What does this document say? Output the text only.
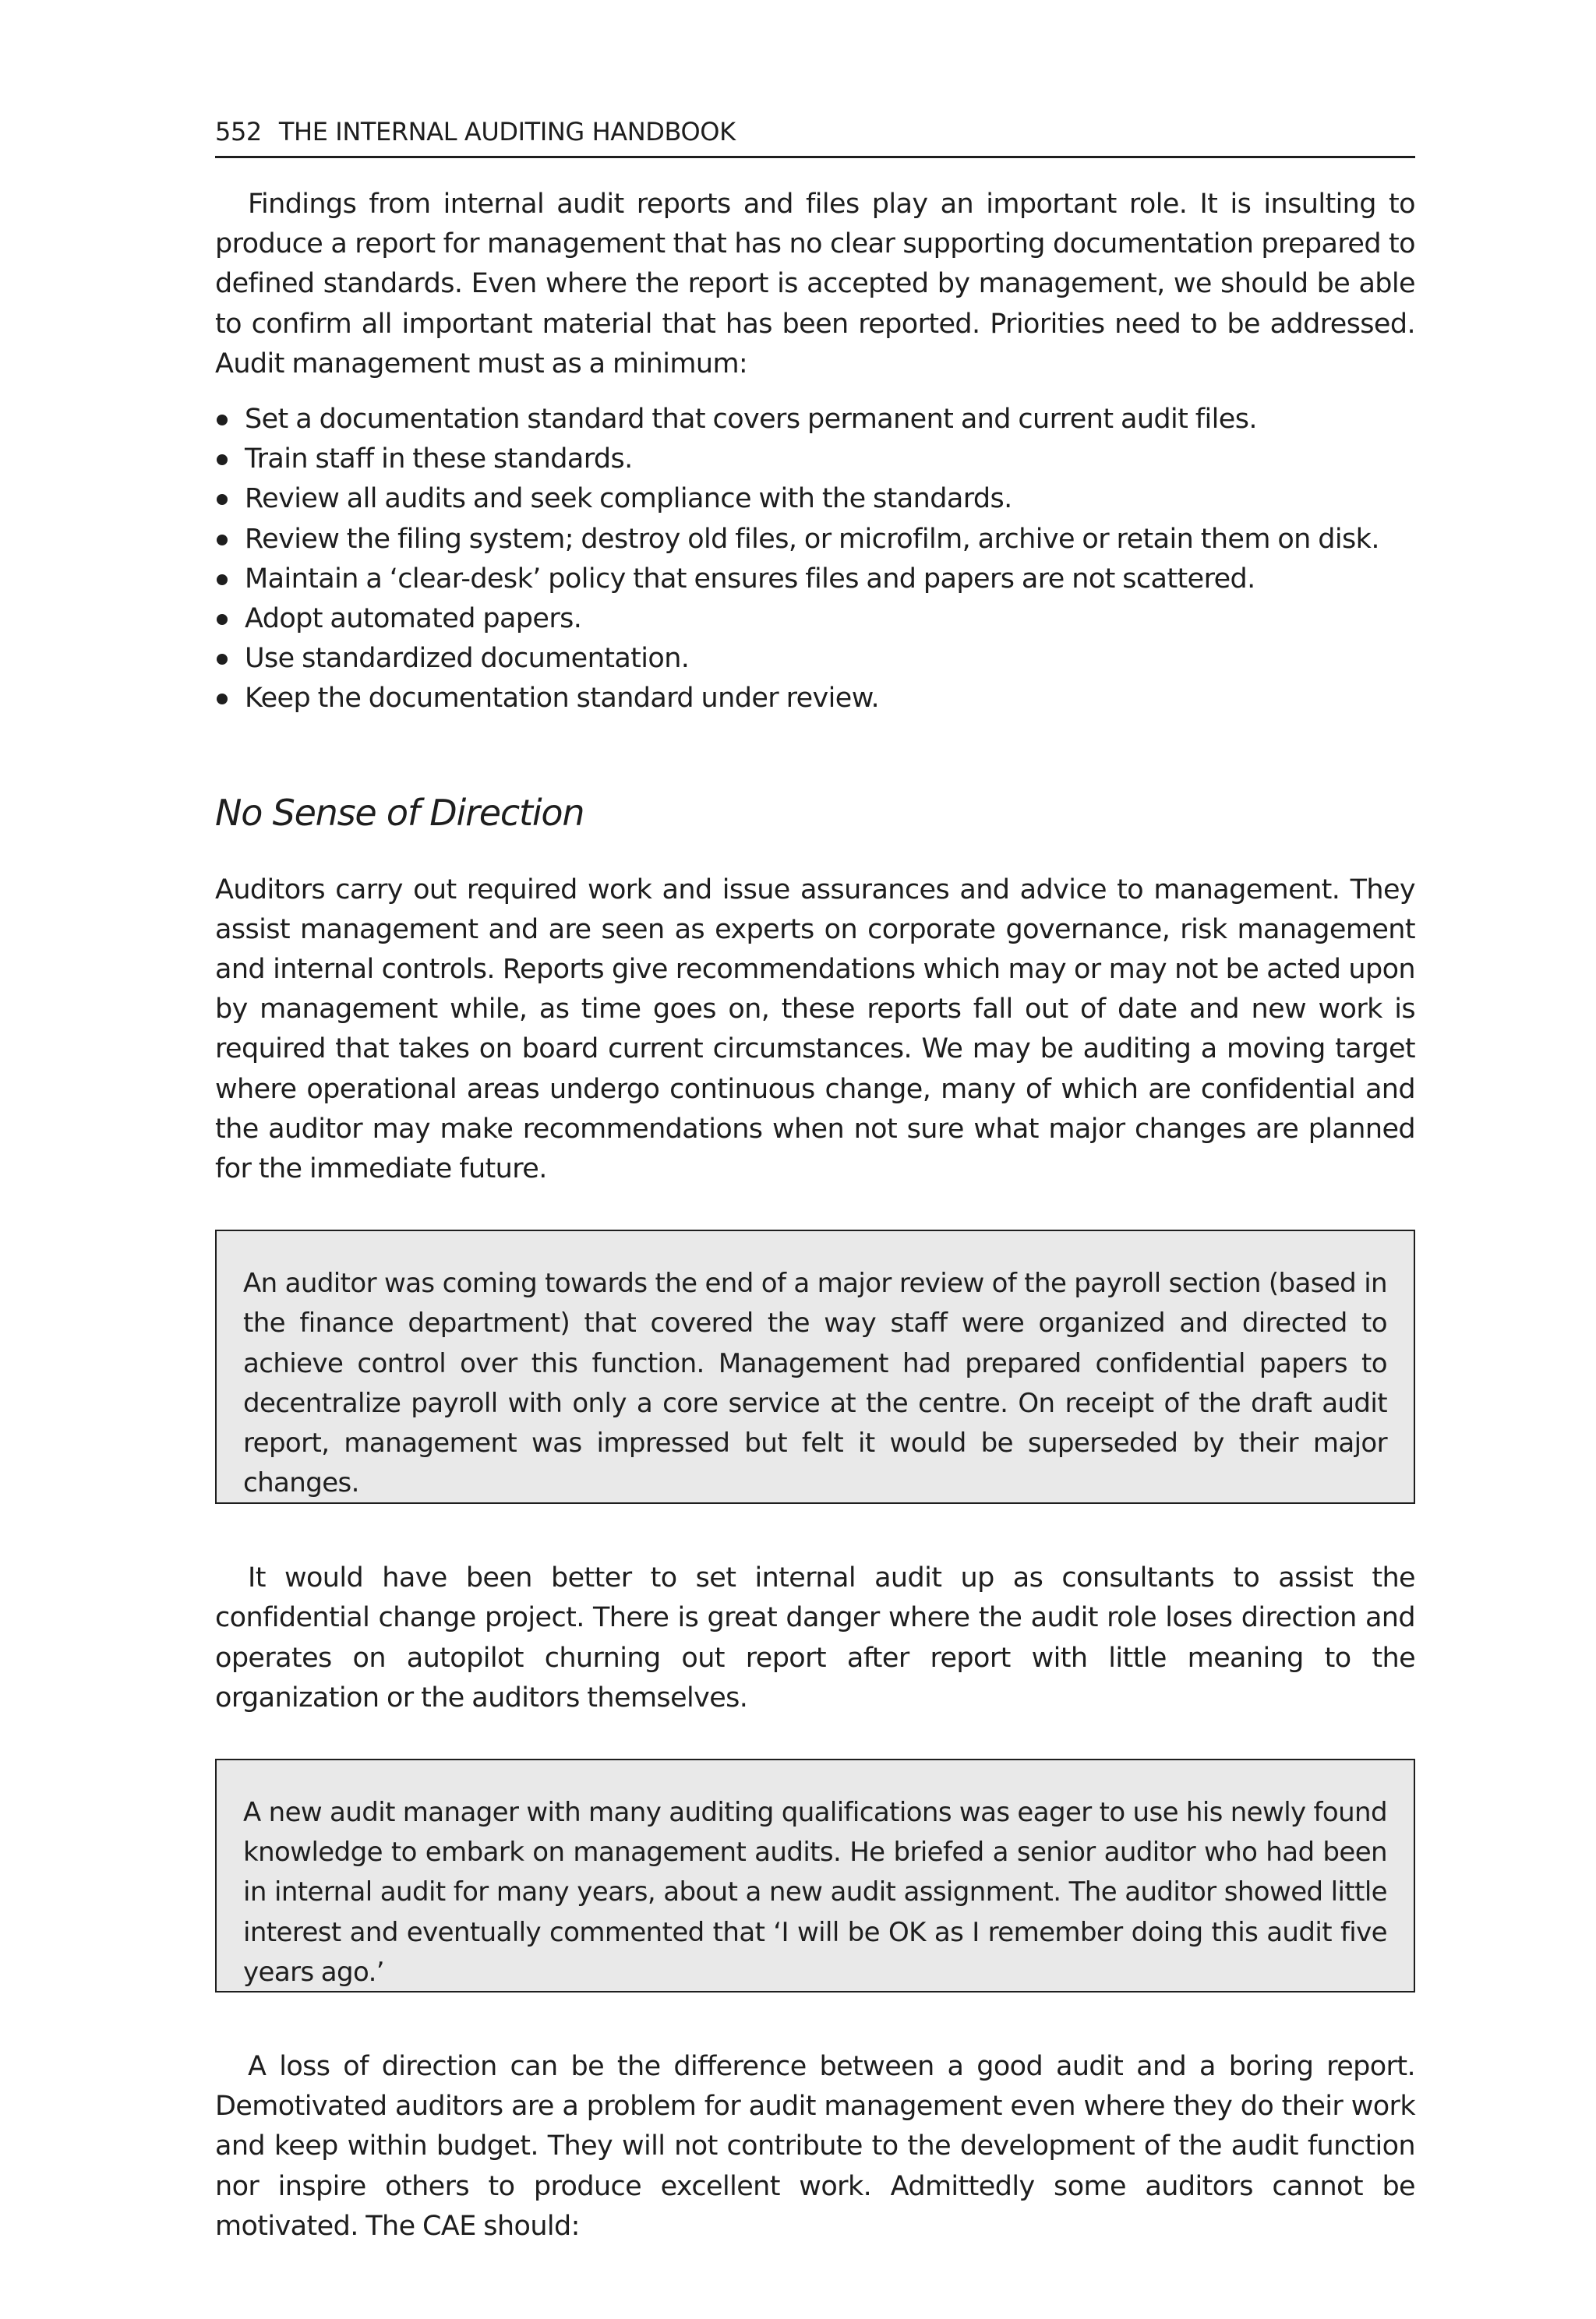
552 THE INTERNAL AUDITING HANDBOOK

Findings from internal audit reports and files play an important role. It is insulting to produce a report for management that has no clear supporting documentation prepared to defined standards. Even where the report is accepted by management, we should be able to confirm all important material that has been reported. Priorities need to be addressed. Audit management must as a minimum:

Set a documentation standard that covers permanent and current audit files.
Train staff in these standards.
Review all audits and seek compliance with the standards.
Review the filing system; destroy old files, or microfilm, archive or retain them on disk.
Maintain a ‘clear-desk’ policy that ensures files and papers are not scattered.
Adopt automated papers.
Use standardized documentation.
Keep the documentation standard under review.
No Sense of Direction

Auditors carry out required work and issue assurances and advice to management. They assist management and are seen as experts on corporate governance, risk management and internal controls. Reports give recommendations which may or may not be acted upon by management while, as time goes on, these reports fall out of date and new work is required that takes on board current circumstances. We may be auditing a moving target where operational areas undergo continuous change, many of which are confidential and the auditor may make recommendations when not sure what major changes are planned for the immediate future.

An auditor was coming towards the end of a major review of the payroll section (based in the finance department) that covered the way staff were organized and directed to achieve control over this function. Management had prepared confidential papers to decentralize payroll with only a core service at the centre. On receipt of the draft audit report, management was impressed but felt it would be superseded by their major changes.

It would have been better to set internal audit up as consultants to assist the confidential change project. There is great danger where the audit role loses direction and operates on autopilot churning out report after report with little meaning to the organization or the auditors themselves.

A new audit manager with many auditing qualifications was eager to use his newly found knowledge to embark on management audits. He briefed a senior auditor who had been in internal audit for many years, about a new audit assignment. The auditor showed little interest and eventually commented that ‘I will be OK as I remember doing this audit five years ago.’

A loss of direction can be the difference between a good audit and a boring report. Demotivated auditors are a problem for audit management even where they do their work and keep within budget. They will not contribute to the development of the audit function nor inspire others to produce excellent work. Admittedly some auditors cannot be motivated. The CAE should:
